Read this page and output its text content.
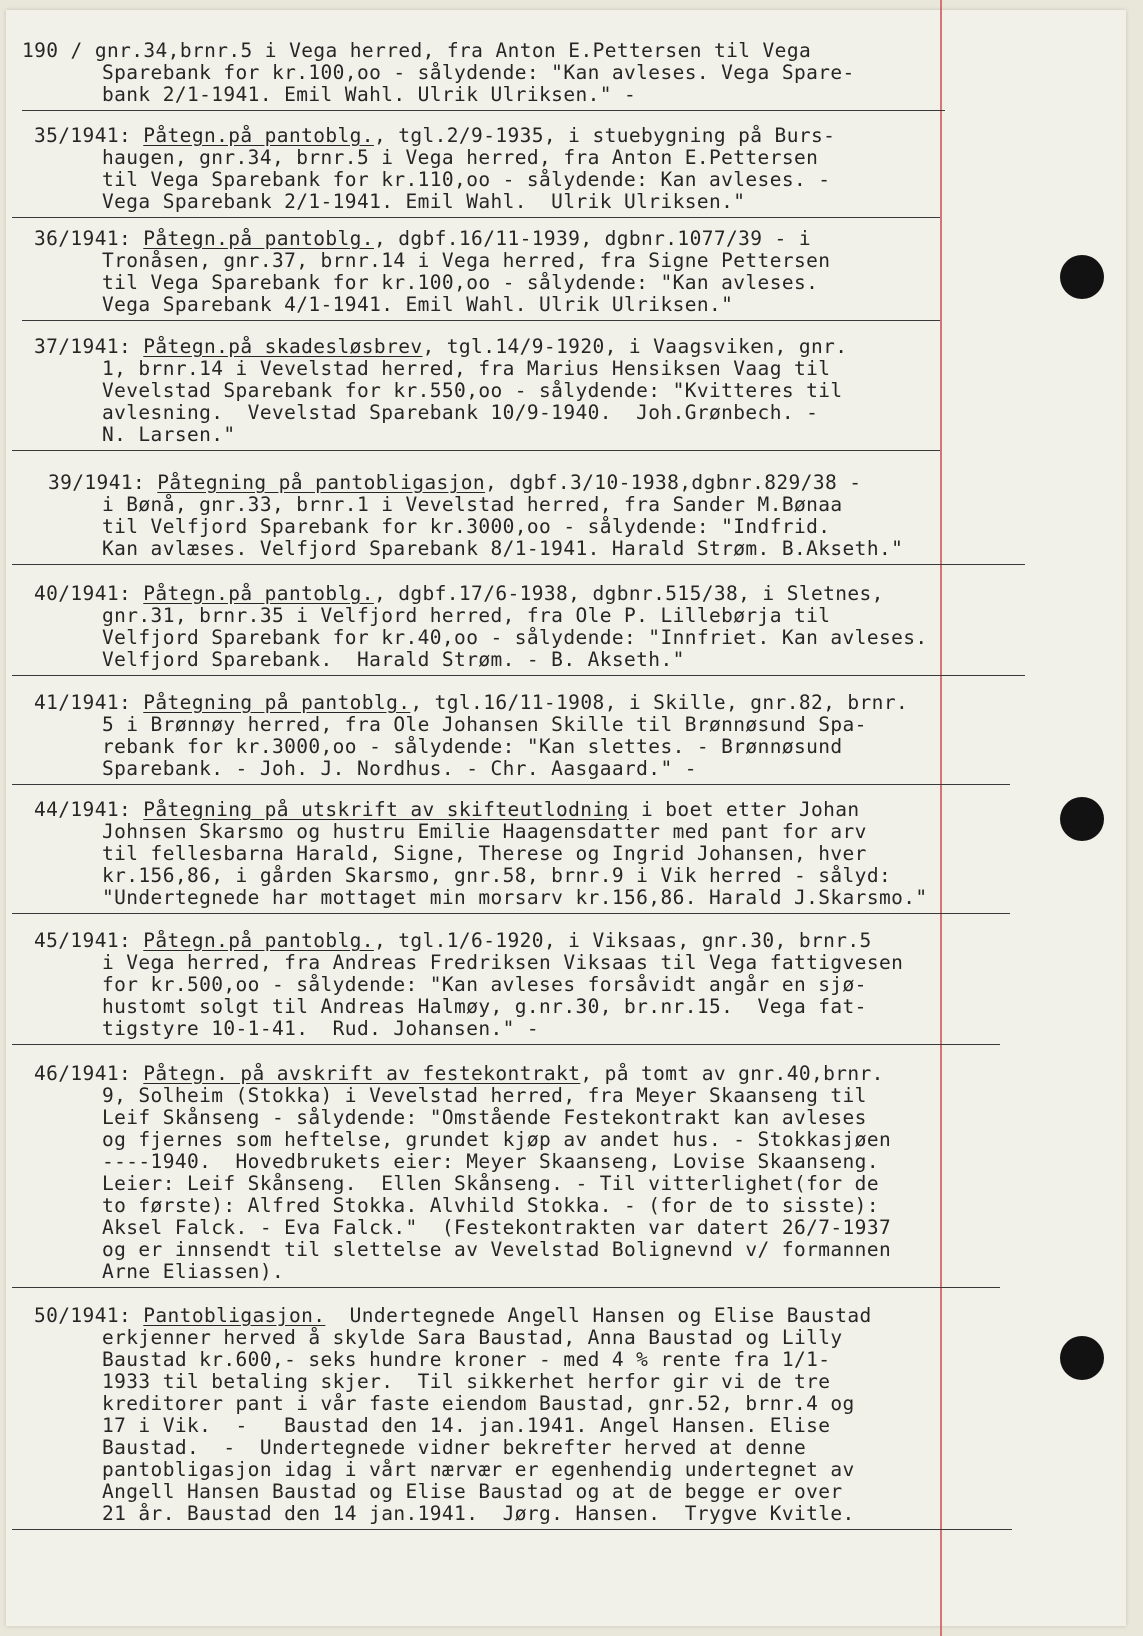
190 / gnr.34,brnr.5 i Vega herred, fra Anton E.Pettersen til Vega
Sparebank for kr.100,oo - sålydende: "Kan avleses. Vega Spare-
bank 2/1-1941. Emil Wahl. Ulrik Ulriksen." -
35/1941: Påtegn.på pantoblg., tgl.2/9-1935, i stuebygning på Burs-
haugen, gnr.34, brnr.5 i Vega herred, fra Anton E.Pettersen
til Vega Sparebank for kr.110,oo - sålydende: Kan avleses. -
Vega Sparebank 2/1-1941. Emil Wahl.  Ulrik Ulriksen."
36/1941: Påtegn.på pantoblg., dgbf.16/11-1939, dgbnr.1077/39 - i
Tronåsen, gnr.37, brnr.14 i Vega herred, fra Signe Pettersen
til Vega Sparebank for kr.100,oo - sålydende: "Kan avleses.
Vega Sparebank 4/1-1941. Emil Wahl. Ulrik Ulriksen."
37/1941: Påtegn.på skadesløsbrev, tgl.14/9-1920, i Vaagsviken, gnr.
1, brnr.14 i Vevelstad herred, fra Marius Hensiksen Vaag til
Vevelstad Sparebank for kr.550,oo - sålydende: "Kvitteres til
avlesning.  Vevelstad Sparebank 10/9-1940.  Joh.Grønbech. -
N. Larsen."
39/1941: Påtegning på pantobligasjon, dgbf.3/10-1938,dgbnr.829/38 -
i Bønå, gnr.33, brnr.1 i Vevelstad herred, fra Sander M.Bønaa
til Velfjord Sparebank for kr.3000,oo - sålydende: "Indfrid.
Kan avlæses. Velfjord Sparebank 8/1-1941. Harald Strøm. B.Akseth."
40/1941: Påtegn.på pantoblg., dgbf.17/6-1938, dgbnr.515/38, i Sletnes,
gnr.31, brnr.35 i Velfjord herred, fra Ole P. Lillebørja til
Velfjord Sparebank for kr.40,oo - sålydende: "Innfriet. Kan avleses.
Velfjord Sparebank.  Harald Strøm. - B. Akseth."
41/1941: Påtegning på pantoblg., tgl.16/11-1908, i Skille, gnr.82, brnr.
5 i Brønnøy herred, fra Ole Johansen Skille til Brønnøsund Spa-
rebank for kr.3000,oo - sålydende: "Kan slettes. - Brønnøsund
Sparebank. - Joh. J. Nordhus. - Chr. Aasgaard." -
44/1941: Påtegning på utskrift av skifteutlodning i boet etter Johan
Johnsen Skarsmo og hustru Emilie Haagensdatter med pant for arv
til fellesbarna Harald, Signe, Therese og Ingrid Johansen, hver
kr.156,86, i gården Skarsmo, gnr.58, brnr.9 i Vik herred - sålyd:
"Undertegnede har mottaget min morsarv kr.156,86. Harald J.Skarsmo."
45/1941: Påtegn.på pantoblg., tgl.1/6-1920, i Viksaas, gnr.30, brnr.5
i Vega herred, fra Andreas Fredriksen Viksaas til Vega fattigvesen
for kr.500,oo - sålydende: "Kan avleses forsåvidt angår en sjø-
hustomt solgt til Andreas Halmøy, g.nr.30, br.nr.15.  Vega fat-
tigstyre 10-1-41.  Rud. Johansen." -
46/1941: Påtegn. på avskrift av festekontrakt, på tomt av gnr.40,brnr.
9, Solheim (Stokka) i Vevelstad herred, fra Meyer Skaanseng til
Leif Skånseng - sålydende: "Omstående Festekontrakt kan avleses
og fjernes som heftelse, grundet kjøp av andet hus. - Stokkasjøen
----1940.  Hovedbrukets eier: Meyer Skaanseng, Lovise Skaanseng.
Leier: Leif Skånseng.  Ellen Skånseng. - Til vitterlighet(for de
to første): Alfred Stokka. Alvhild Stokka. - (for de to sisste):
Aksel Falck. - Eva Falck."  (Festekontrakten var datert 26/7-1937
og er innsendt til slettelse av Vevelstad Bolignevnd v/ formannen
Arne Eliassen).
50/1941: Pantobligasjon.  Undertegnede Angell Hansen og Elise Baustad
erkjenner herved å skylde Sara Baustad, Anna Baustad og Lilly
Baustad kr.600,- seks hundre kroner - med 4 % rente fra 1/1-
1933 til betaling skjer.  Til sikkerhet herfor gir vi de tre
kreditorer pant i vår faste eiendom Baustad, gnr.52, brnr.4 og
17 i Vik.  -   Baustad den 14. jan.1941. Angel Hansen. Elise
Baustad.  -  Undertegnede vidner bekrefter herved at denne
pantobligasjon idag i vårt nærvær er egenhendig undertegnet av
Angell Hansen Baustad og Elise Baustad og at de begge er over
21 år. Baustad den 14 jan.1941.  Jørg. Hansen.  Trygve Kvitle.
